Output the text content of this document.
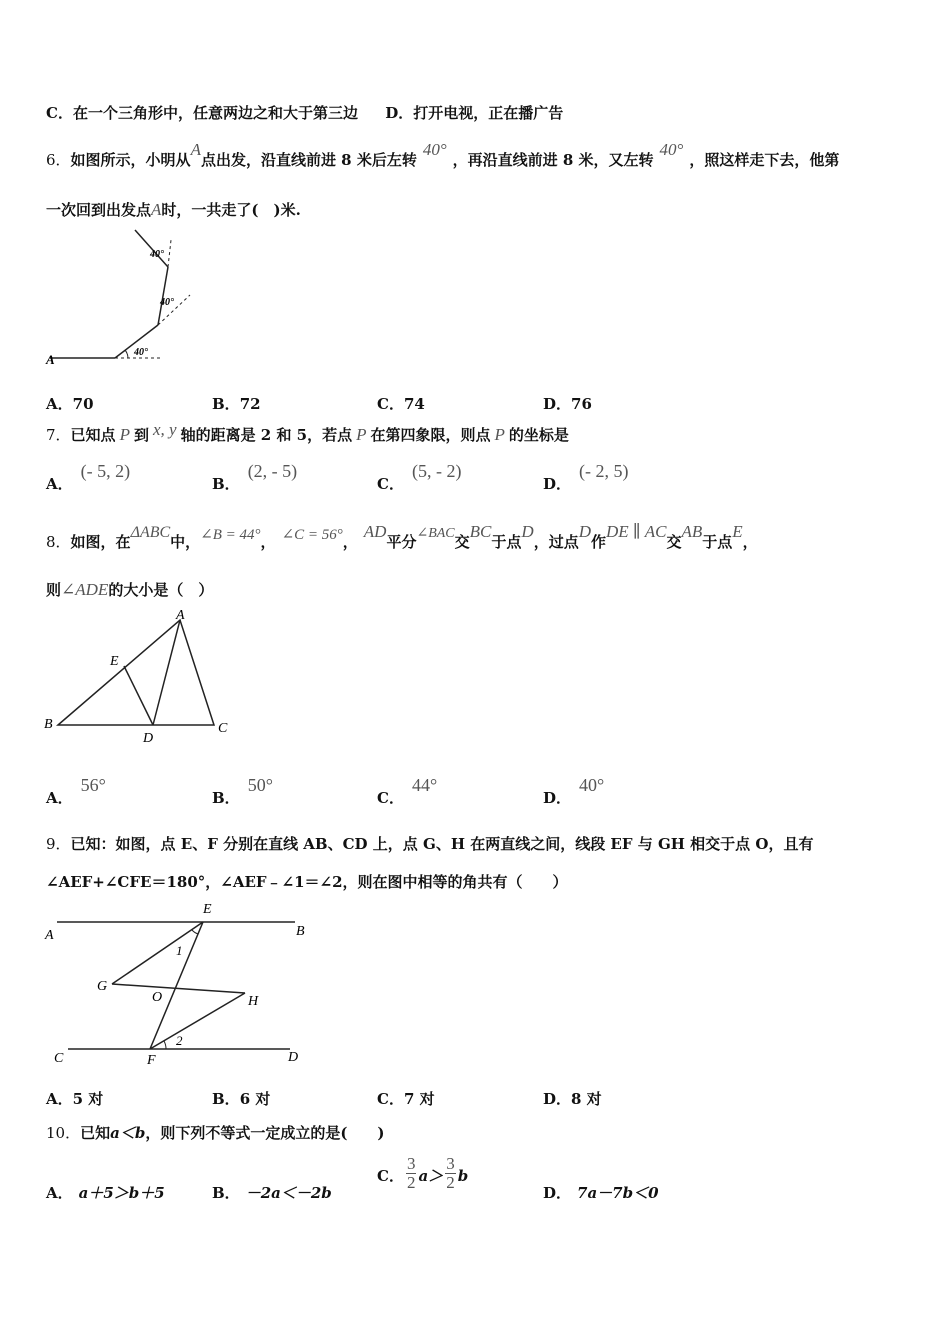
C．在一个三角形中，任意两边之和大于第三边 D．打开电视，正在播广告
6．如图所示，小明从A点出发，沿直线前进 8 米后左转40°，再沿直线前进 8 米，又左转40°，照这样走下去，他第
一次回到出发点A时，一共走了(　)米.
A	40°
40°
40°
A．70	B．72	C．74	D．76
7．已知点 P 到 x, y 轴的距离是 2 和 5，若点 P 在第四象限，则点 P 的坐标是
A．(- 5, 2)
B．(2, - 5)
C．(5, - 2)
D．(- 2, 5)
8．如图，在ΔABC中，∠B = 44°， ∠C = 56°，AD平分∠BAC交BC于点D，过点D作DE ∥ AC交AB于点E，
则∠ADE的大小是（　）
A
B	C
D
E
A．56°
B．50°
C．44°
D．40°
9．已知：如图，点 E、F 分别在直线 AB、CD 上，点 G、H 在两直线之间，线段 EF 与 GH 相交于点 O，且有
∠AEF+∠CFE＝180°，∠AEF﹣∠1＝∠2，则在图中相等的角共有（　　）
A	B
C	D
E
F
G
H
O
1
2
A．5 对	B．6 对	C．7 对	D．8 对
10．已知a＜b，则下列不等式一定成立的是(　　)
A． a＋5＞b＋5	B． －2a＜－2b
C． $\frac{3}{2} a> \frac{3}{2}$ b
D． 7a－7b＜0
